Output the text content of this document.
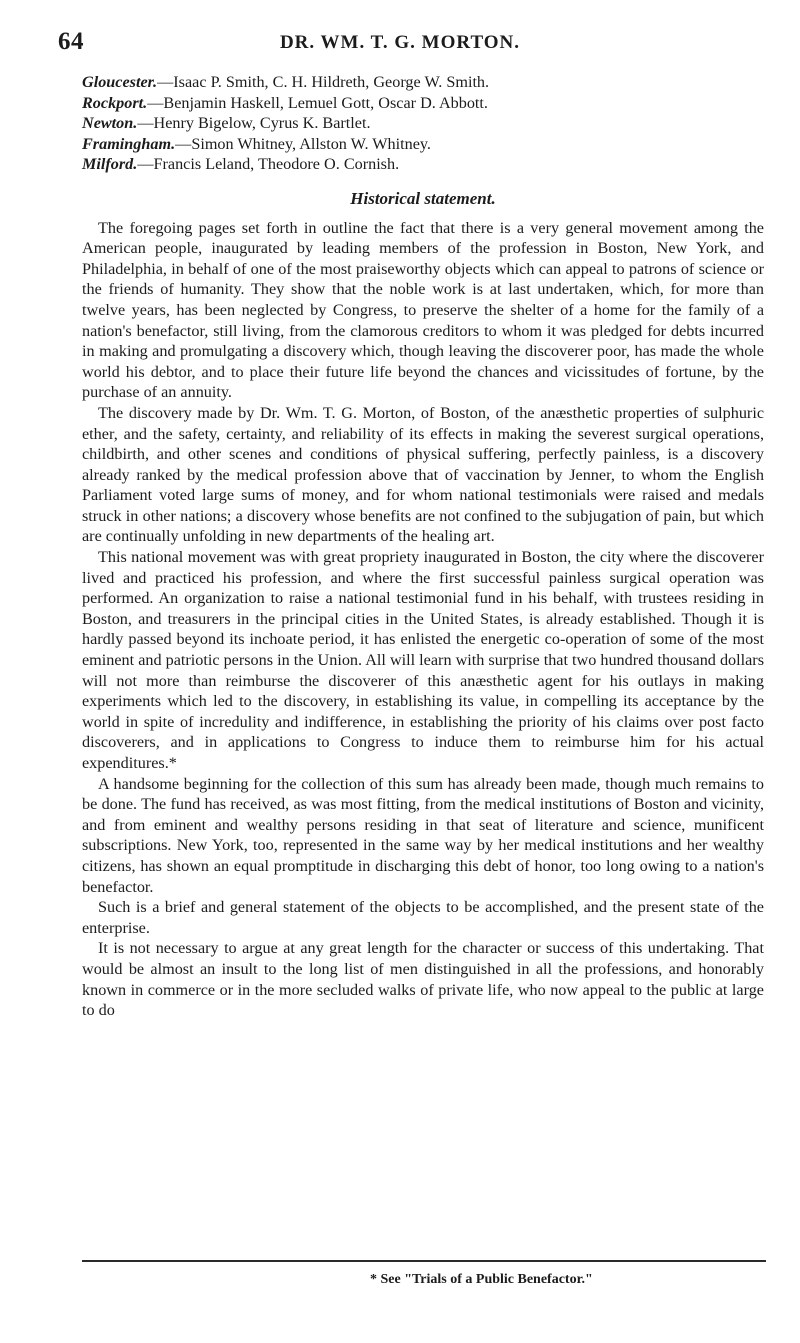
64	DR. WM. T. G. MORTON.

Gloucester.—Isaac P. Smith, C. H. Hildreth, George W. Smith.

Rockport.—Benjamin Haskell, Lemuel Gott, Oscar D. Abbott.

Newton.—Henry Bigelow, Cyrus K. Bartlet.

Framingham.—Simon Whitney, Allston W. Whitney.

Milford.—Francis Leland, Theodore O. Cornish.

Historical statement.

The foregoing pages set forth in outline the fact that there is a very general movement among the American people, inaugurated by leading members of the profession in Boston, New York, and Philadelphia, in behalf of one of the most praiseworthy objects which can appeal to patrons of science or the friends of humanity. They show that the noble work is at last undertaken, which, for more than twelve years, has been neglected by Congress, to preserve the shelter of a home for the family of a nation's benefactor, still living, from the clamorous creditors to whom it was pledged for debts incurred in making and promulgating a discovery which, though leaving the discoverer poor, has made the whole world his debtor, and to place their future life beyond the chances and vicissitudes of fortune, by the purchase of an annuity.

The discovery made by Dr. Wm. T. G. Morton, of Boston, of the anæsthetic properties of sulphuric ether, and the safety, certainty, and reliability of its effects in making the severest surgical operations, childbirth, and other scenes and conditions of physical suffering, perfectly painless, is a discovery already ranked by the medical profession above that of vaccination by Jenner, to whom the English Parliament voted large sums of money, and for whom national testimonials were raised and medals struck in other nations; a discovery whose benefits are not confined to the subjugation of pain, but which are continually unfolding in new departments of the healing art.

This national movement was with great propriety inaugurated in Boston, the city where the discoverer lived and practiced his profession, and where the first successful painless surgical operation was performed. An organization to raise a national testimonial fund in his behalf, with trustees residing in Boston, and treasurers in the principal cities in the United States, is already established. Though it is hardly passed beyond its inchoate period, it has enlisted the energetic co-operation of some of the most eminent and patriotic persons in the Union. All will learn with surprise that two hundred thousand dollars will not more than reimburse the discoverer of this anæsthetic agent for his outlays in making experiments which led to the discovery, in establishing its value, in compelling its acceptance by the world in spite of incredulity and indifference, in establishing the priority of his claims over post facto discoverers, and in applications to Congress to induce them to reimburse him for his actual expenditures.*

A handsome beginning for the collection of this sum has already been made, though much remains to be done. The fund has received, as was most fitting, from the medical institutions of Boston and vicinity, and from eminent and wealthy persons residing in that seat of literature and science, munificent subscriptions. New York, too, represented in the same way by her medical institutions and her wealthy citizens, has shown an equal promptitude in discharging this debt of honor, too long owing to a nation's benefactor.

Such is a brief and general statement of the objects to be accomplished, and the present state of the enterprise.

It is not necessary to argue at any great length for the character or success of this undertaking. That would be almost an insult to the long list of men distinguished in all the professions, and honorably known in commerce or in the more secluded walks of private life, who now appeal to the public at large to do

* See "Trials of a Public Benefactor."
